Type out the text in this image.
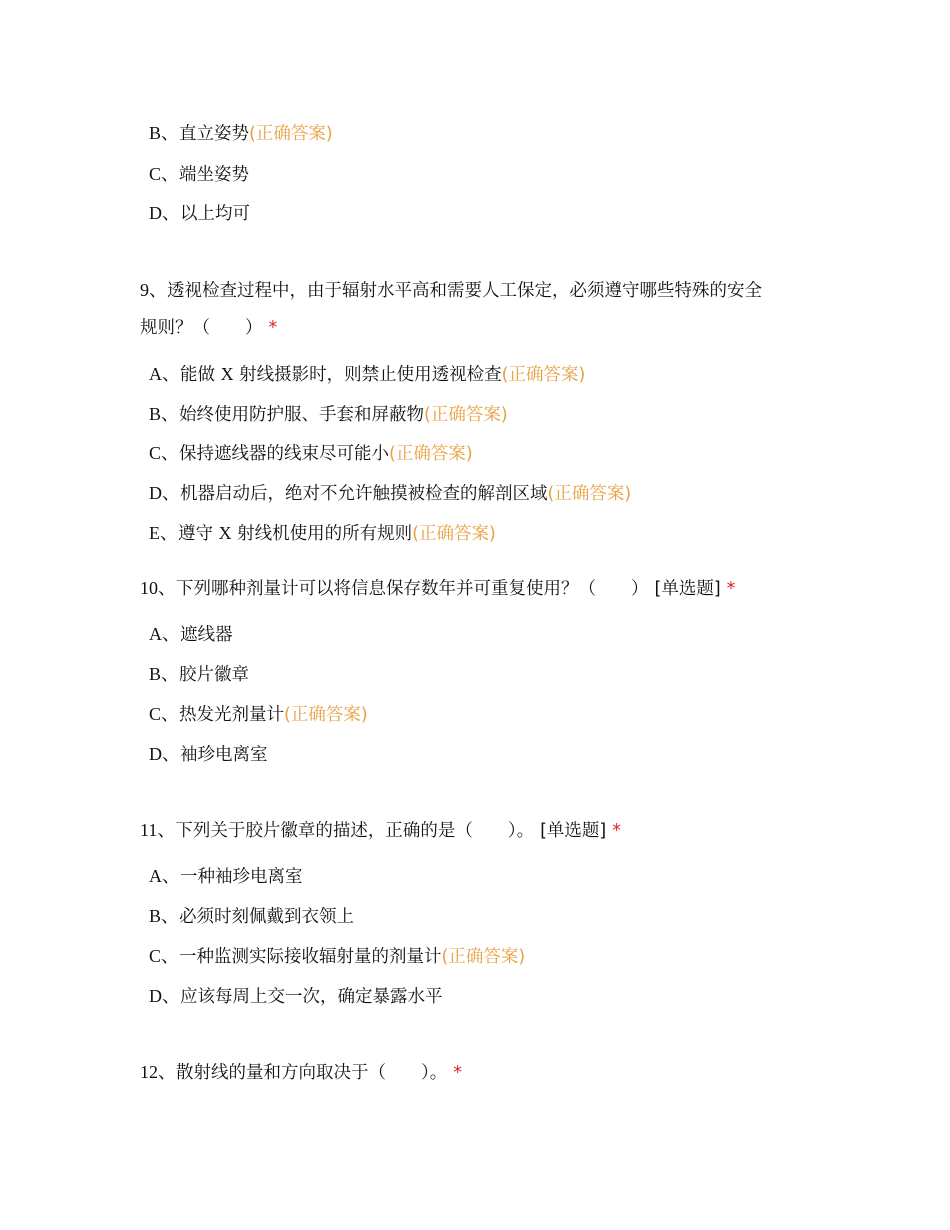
B、直立姿势(正确答案)
C、端坐姿势
D、以上均可
9、透视检查过程中，由于辐射水平高和需要人工保定，必须遵守哪些特殊的安全
规则？（　　） *
A、能做 X 射线摄影时，则禁止使用透视检查(正确答案)
B、始终使用防护服、手套和屏蔽物(正确答案)
C、保持遮线器的线束尽可能小(正确答案)
D、机器启动后，绝对不允许触摸被检查的解剖区域(正确答案)
E、遵守 X 射线机使用的所有规则(正确答案)
10、下列哪种剂量计可以将信息保存数年并可重复使用？（　　） [单选题] *
A、遮线器
B、胶片徽章
C、热发光剂量计(正确答案)
D、袖珍电离室
11、下列关于胶片徽章的描述，正确的是（　　）。 [单选题] *
A、一种袖珍电离室
B、必须时刻佩戴到衣领上
C、一种监测实际接收辐射量的剂量计(正确答案)
D、应该每周上交一次，确定暴露水平
12、散射线的量和方向取决于（　　）。 *
